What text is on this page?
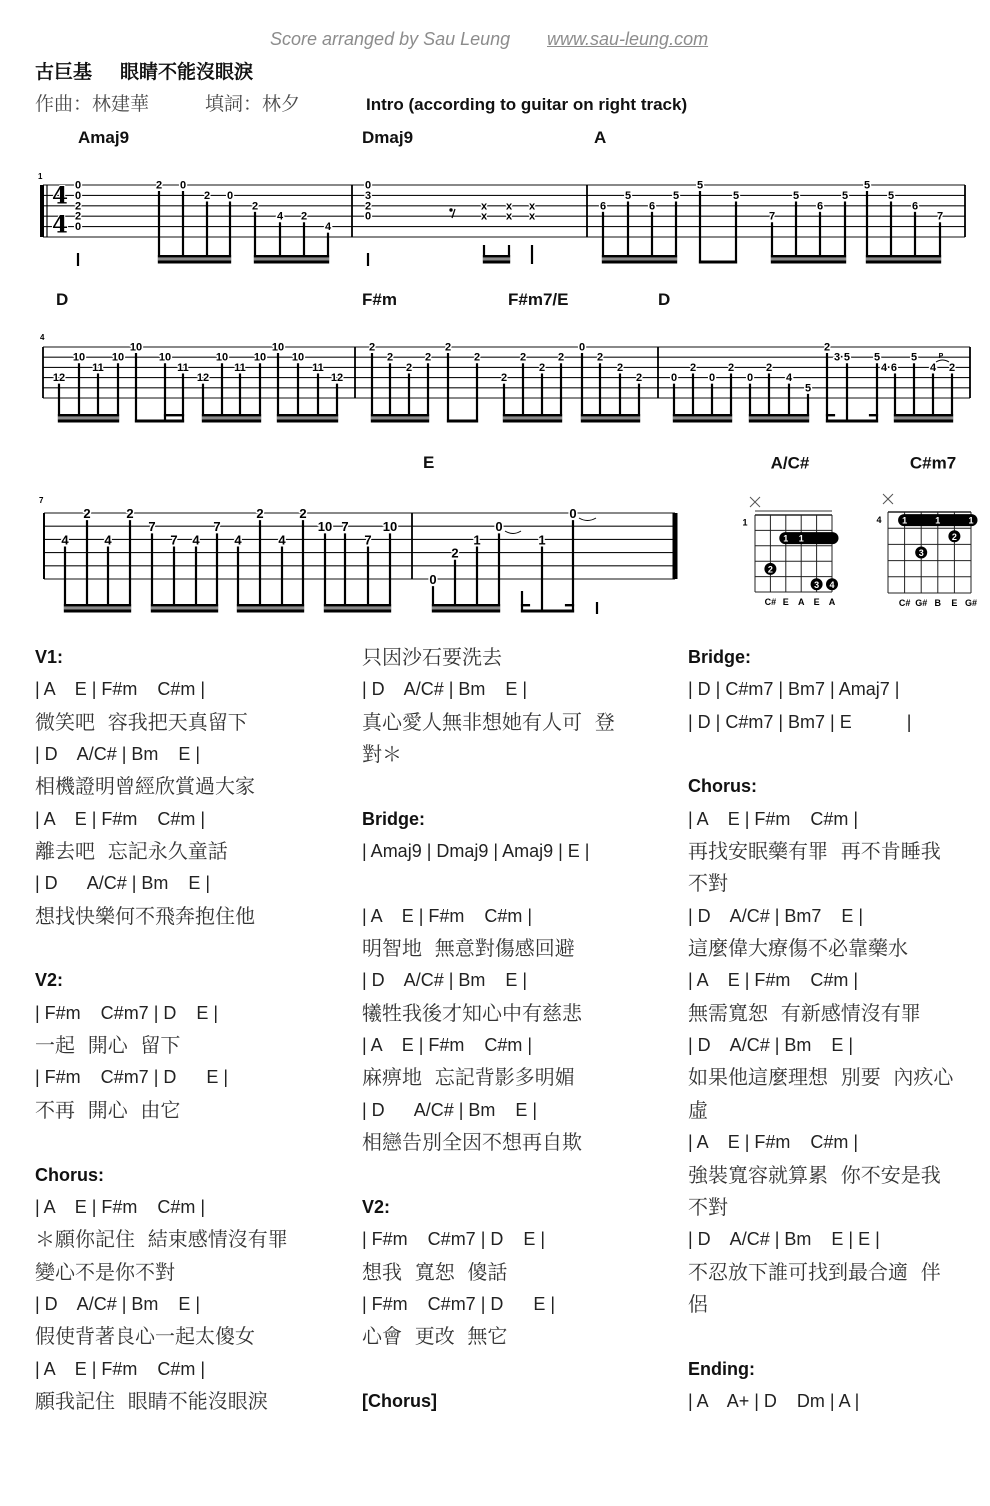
Score arranged by Sau Leung www.sau-leung.com
古巨基 眼睛不能沒眼淚
作曲：林建華	填詞：林夕	Intro (according to guitar on right track)
1
4
4
0
0
2
2
0
2 0
2 0
2
4 2
4
0
3
2
0
x
x
x
x
x
x
6
5
6
5
5
5
7
5
6
5
5
5
6
7
4
12
10
11
10
10
10
11
12
10
11
10
10
10
11
12
2
2
2
2
2
2
2
2
2
2
0
2
2
2	0
2
0
2
0
2
4
5
2
3·5 5
4·6
5
4 2
P
7
4
2
4
2
7
7 4
7
4
2
4
2
10 7
7
10
0
2
1
0
1
0
A/C#
1
1 1
2
3 4
C# E A E A
C#m7
4 1	1	1
2
3
C# G# B E G#
Amaj9	Dmaj9	A
D	F#m	F#m7/E	D
E
V1:
| A    E | F#m    C#m |
微笑吧  容我把天真留下
| D    A/C# | Bm    E |
相機證明曾經欣賞過大家
| A    E | F#m    C#m |
離去吧  忘記永久童話
| D      A/C# | Bm    E |
想找快樂何不飛奔抱住他
V2:
| F#m    C#m7 | D    E |
一起  開心  留下
| F#m    C#m7 | D      E |
不再  開心  由它
Chorus:
| A    E | F#m    C#m |
＊願你記住  結束感情沒有罪
變心不是你不對
| D    A/C# | Bm    E |
假使背著良心一起太傻女
| A    E | F#m    C#m |
願我記住  眼睛不能沒眼淚
只因沙石要洗去
| D    A/C# | Bm    E |
真心愛人無非想她有人可  登
對＊
Bridge:
| Amaj9 | Dmaj9 | Amaj9 | E |
| A    E | F#m    C#m |
明智地  無意對傷感回避
| D    A/C# | Bm    E |
犧牲我後才知心中有慈悲
| A    E | F#m    C#m |
麻痹地  忘記背影多明媚
| D      A/C# | Bm    E |
相戀告別全因不想再自欺
V2:
| F#m    C#m7 | D    E |
想我  寬恕  傻話
| F#m    C#m7 | D      E |
心會  更改  無它
[Chorus]
Bridge:
| D | C#m7 | Bm7 | Amaj7 |
| D | C#m7 | Bm7 | E           |
Chorus:
| A    E | F#m    C#m |
再找安眠藥有罪  再不肯睡我
不對
| D    A/C# | Bm7    E |
這麼偉大療傷不必靠藥水
| A    E | F#m    C#m |
無需寬恕  有新感情沒有罪
| D    A/C# | Bm    E |
如果他這麼理想  別要  內疚心
虛
| A    E | F#m    C#m |
強裝寬容就算累  你不安是我
不對
| D    A/C# | Bm    E | E |
不忍放下誰可找到最合適  伴
侶
Ending:
| A    A+ | D    Dm | A |
